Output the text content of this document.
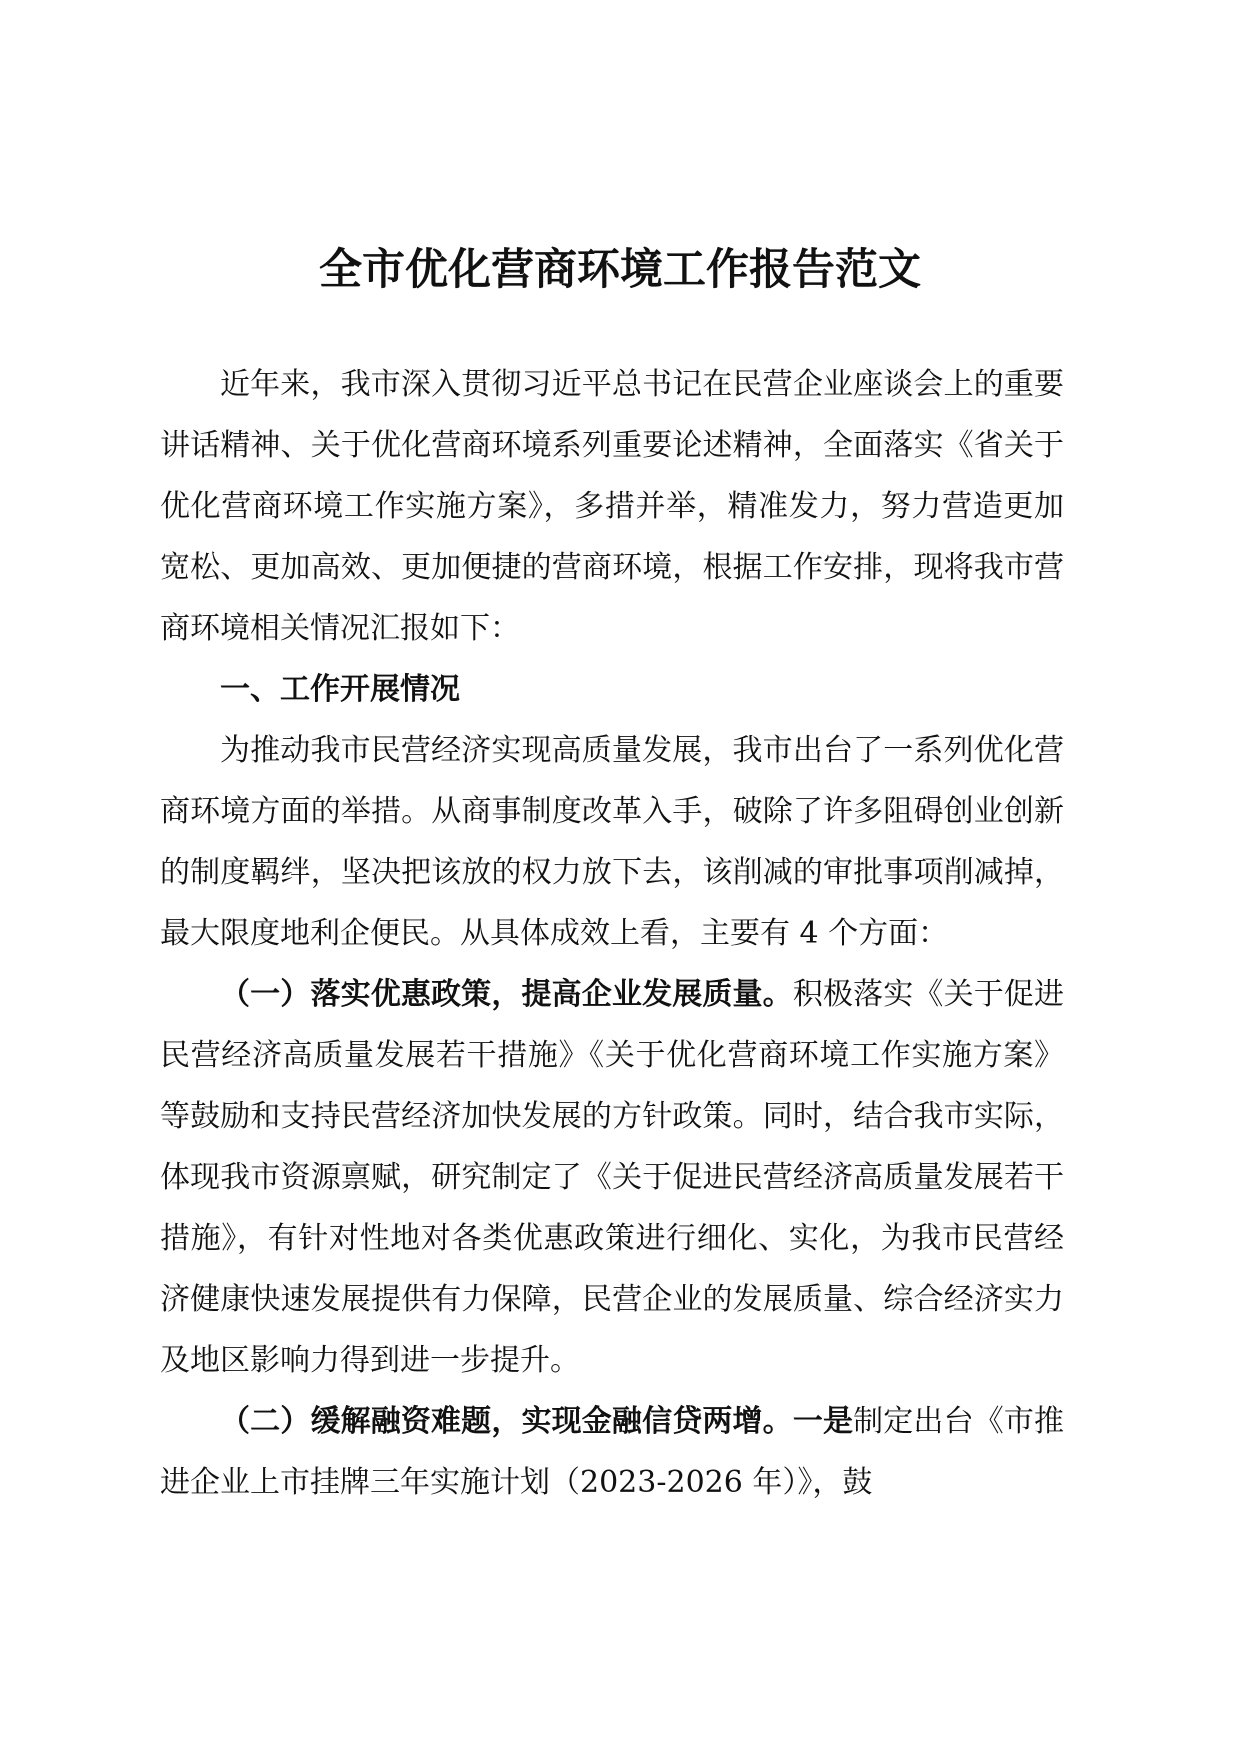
全市优化营商环境工作报告范文

近年来，我市深入贯彻习近平总书记在民营企业座谈会上的重要讲话精神、关于优化营商环境系列重要论述精神，全面落实《省关于优化营商环境工作实施方案》，多措并举，精准发力，努力营造更加宽松、更加高效、更加便捷的营商环境，根据工作安排，现将我市营商环境相关情况汇报如下：

一、工作开展情况

为推动我市民营经济实现高质量发展，我市出台了一系列优化营商环境方面的举措。从商事制度改革入手，破除了许多阻碍创业创新的制度羁绊，坚决把该放的权力放下去，该削减的审批事项削减掉，最大限度地利企便民。从具体成效上看，主要有 4 个方面：

（一）落实优惠政策，提高企业发展质量。积极落实《关于促进民营经济高质量发展若干措施》《关于优化营商环境工作实施方案》等鼓励和支持民营经济加快发展的方针政策。同时，结合我市实际，体现我市资源禀赋，研究制定了《关于促进民营经济高质量发展若干措施》，有针对性地对各类优惠政策进行细化、实化，为我市民营经济健康快速发展提供有力保障，民营企业的发展质量、综合经济实力及地区影响力得到进一步提升。

（二）缓解融资难题，实现金融信贷两增。一是制定出台《市推进企业上市挂牌三年实施计划（2023-2026 年）》，鼓
